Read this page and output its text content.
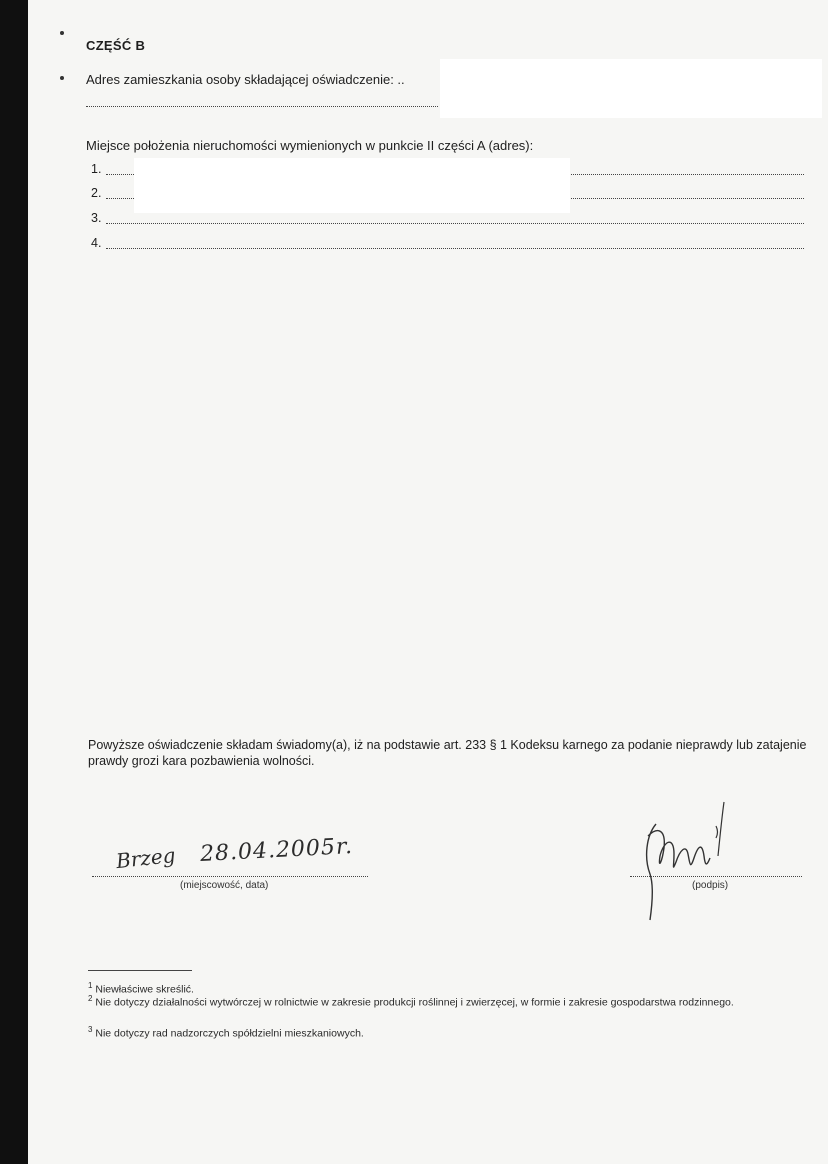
CZĘŚĆ B
Adres zamieszkania osoby składającej oświadczenie: ..
Miejsce położenia nieruchomości wymienionych w punkcie II części A (adres):
1.
2.
3.
4.
Powyższe oświadczenie składam świadomy(a), iż na podstawie art. 233 § 1 Kodeksu karnego za podanie nieprawdy lub zatajenie prawdy grozi kara pozbawienia wolności.
Brzeg 28.04.2005r.
(miejscowość, data)	(podpis)
$^1$ Niewłaściwe skreślić.
$^2$ Nie dotyczy działalności wytwórczej w rolnictwie w zakresie produkcji roślinnej i zwierzęcej, w formie i zakresie gospodarstwa rodzinnego.
$^3$ Nie dotyczy rad nadzorczych spółdzielni mieszkaniowych.
